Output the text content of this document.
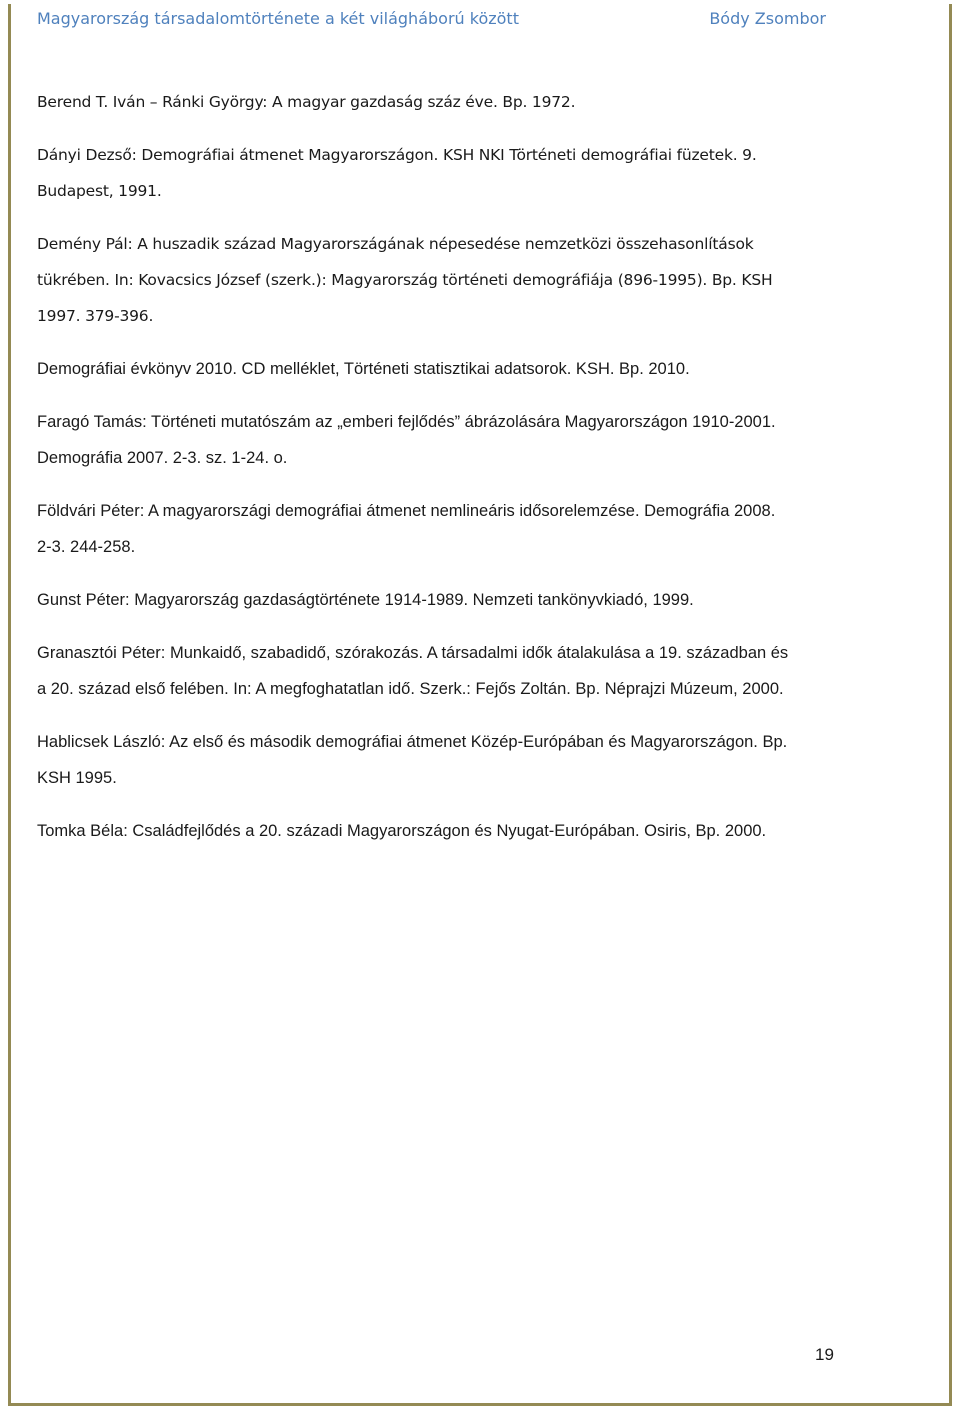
Magyarország társadalomtörténete a két világháború között	Bódy Zsombor
Berend T. Iván – Ránki György: A magyar gazdaság száz éve. Bp. 1972.
Dányi Dezső: Demográfiai átmenet Magyarországon. KSH NKI Történeti demográfiai füzetek. 9.
Budapest, 1991.
Demény Pál: A huszadik század Magyarországának népesedése nemzetközi összehasonlítások
tükrében. In: Kovacsics József (szerk.): Magyarország történeti demográfiája (896-1995). Bp. KSH
1997. 379-396.
Demográfiai évkönyv 2010. CD melléklet, Történeti statisztikai adatsorok. KSH. Bp. 2010.
Faragó Tamás: Történeti mutatószám az „emberi fejlődés” ábrázolására Magyarországon 1910-2001.
Demográfia 2007. 2-3. sz. 1-24. o.
Földvári Péter: A magyarországi demográfiai átmenet nemlineáris idősorelemzése. Demográfia 2008.
2-3. 244-258.
Gunst Péter: Magyarország gazdaságtörténete 1914-1989. Nemzeti tankönyvkiadó, 1999.
Granasztói Péter: Munkaidő, szabadidő, szórakozás. A társadalmi idők átalakulása a 19. században és
a 20. század első felében. In: A megfoghatatlan idő. Szerk.: Fejős Zoltán. Bp. Néprajzi Múzeum, 2000.
Hablicsek László: Az első és második demográfiai átmenet Közép-Európában és Magyarországon. Bp.
KSH 1995.
Tomka Béla: Családfejlődés a 20. századi Magyarországon és Nyugat-Európában. Osiris, Bp. 2000.
19
